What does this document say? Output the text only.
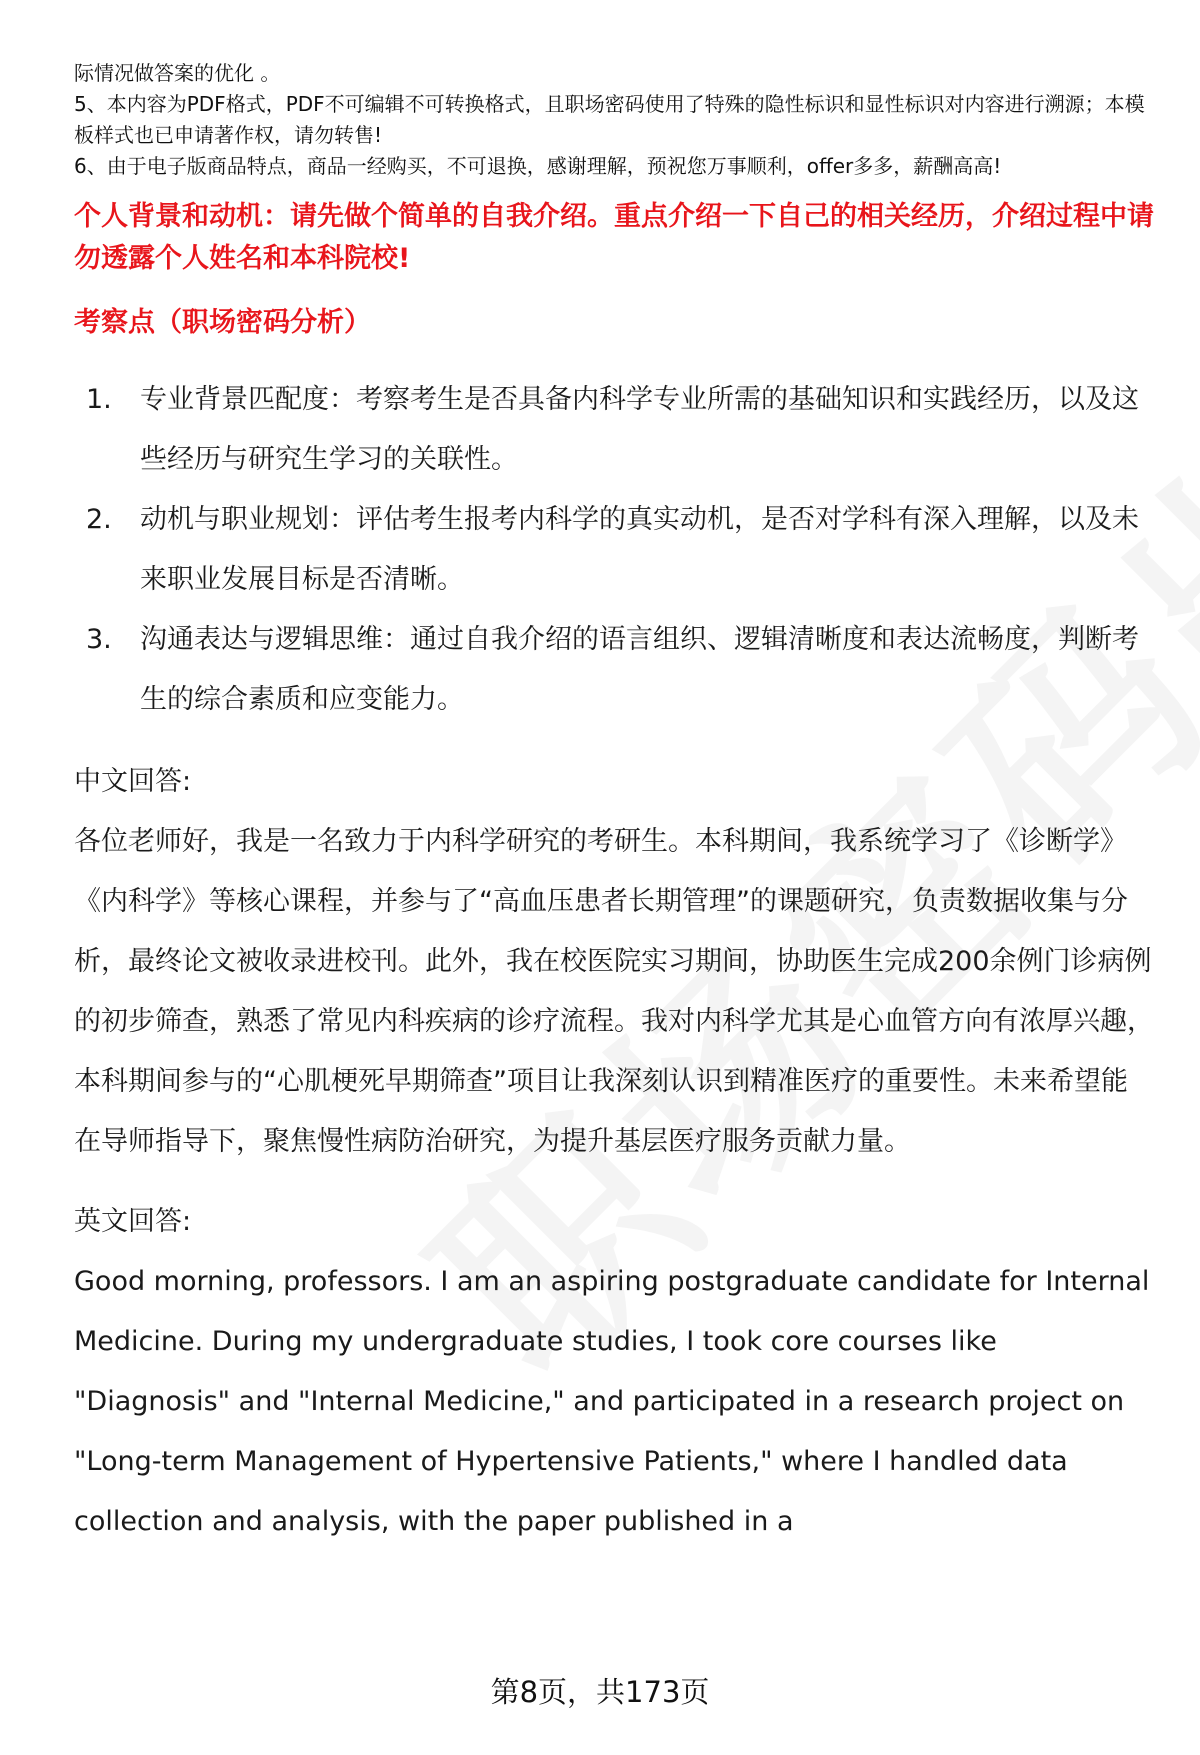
际情况做答案的优化 。

5、本内容为PDF格式，PDF不可编辑不可转换格式，且职场密码使用了特殊的隐性标识和显性标识对内容进行溯源；本模板样式也已申请著作权，请勿转售!

6、由于电子版商品特点，商品一经购买，不可退换，感谢理解，预祝您万事顺利，offer多多，薪酬高高!

个人背景和动机：请先做个简单的自我介绍。重点介绍一下自己的相关经历，介绍过程中请勿透露个人姓名和本科院校!

考察点（职场密码分析）

1. 专业背景匹配度：考察考生是否具备内科学专业所需的基础知识和实践经历，以及这些经历与研究生学习的关联性。
2. 动机与职业规划：评估考生报考内科学的真实动机，是否对学科有深入理解，以及未来职业发展目标是否清晰。
3. 沟通表达与逻辑思维：通过自我介绍的语言组织、逻辑清晰度和表达流畅度，判断考生的综合素质和应变能力。

中文回答:

各位老师好，我是一名致力于内科学研究的考研生。本科期间，我系统学习了《诊断学》《内科学》等核心课程，并参与了“高血压患者长期管理”的课题研究，负责数据收集与分析，最终论文被收录进校刊。此外，我在校医院实习期间，协助医生完成200余例门诊病例的初步筛查，熟悉了常见内科疾病的诊疗流程。我对内科学尤其是心血管方向有浓厚兴趣，本科期间参与的“心肌梗死早期筛查”项目让我深刻认识到精准医疗的重要性。未来希望能在导师指导下，聚焦慢性病防治研究，为提升基层医疗服务贡献力量。

英文回答:

Good morning, professors. I am an aspiring postgraduate candidate for Internal Medicine. During my undergraduate studies, I took core courses like "Diagnosis" and "Internal Medicine," and participated in a research project on "Long-term Management of Hypertensive Patients," where I handled data collection and analysis, with the paper published in a

第8页，共173页
